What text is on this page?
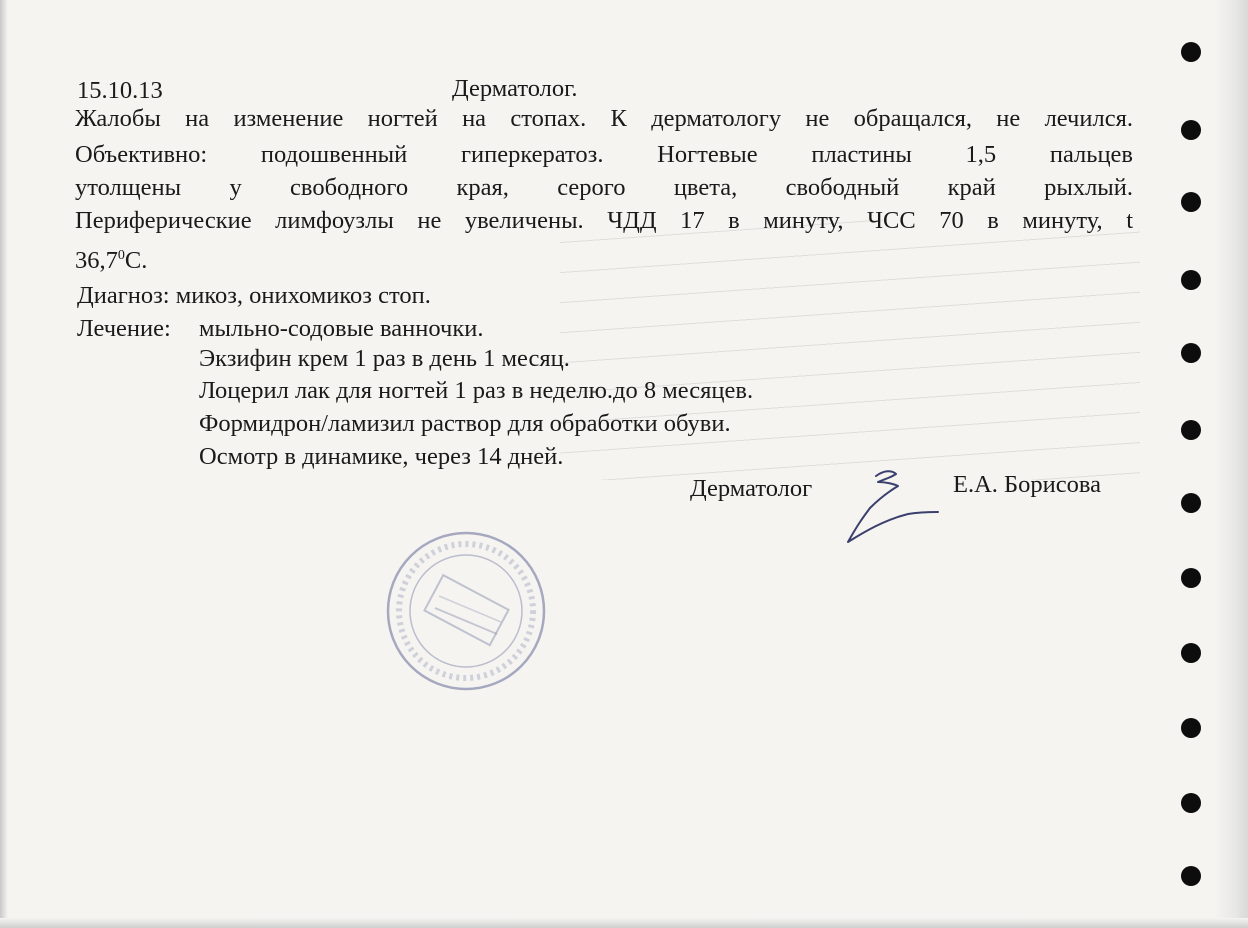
15.10.13	Дерматолог.
Жалобы на изменение ногтей на стопах. К дерматологу не обращался, не лечился.
Объективно: подошвенный гиперкератоз. Ногтевые пластины 1,5 пальцев
утолщены у свободного края, серого цвета, свободный край рыхлый.
Периферические лимфоузлы не увеличены. ЧДД 17 в минуту, ЧСС 70 в минуту, t
36,7$^0$С.
Диагноз: микоз, онихомикоз стоп.
Лечение: мыльно-содовые ванночки.
Экзифин крем 1 раз в день 1 месяц.
Лоцерил лак для ногтей 1 раз в неделю.до 8 месяцев.
Формидрон/ламизил раствор для обработки обуви.
Осмотр в динамике, через 14 дней.
Дерматолог	Е.А. Борисова
